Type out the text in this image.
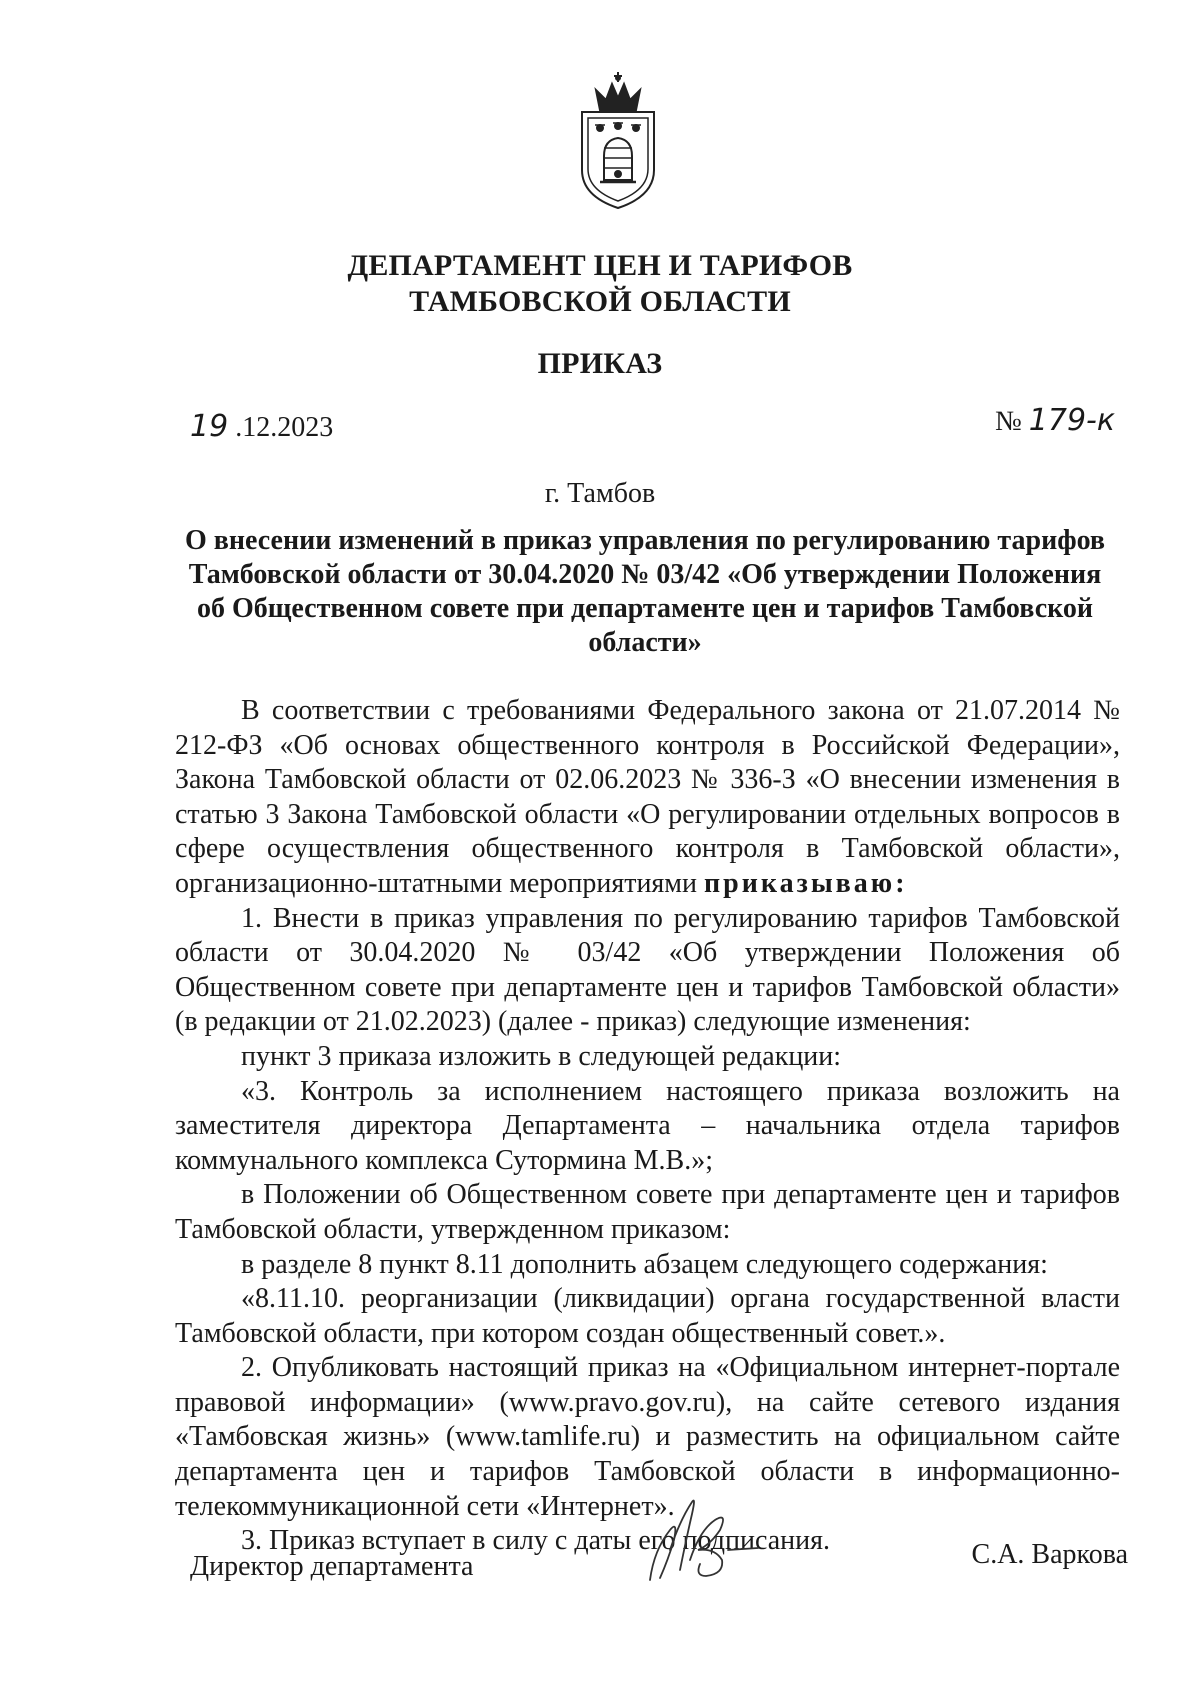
ДЕПАРТАМЕНТ ЦЕН И ТАРИФОВ
ТАМБОВСКОЙ ОБЛАСТИ
ПРИКАЗ
19 .12.2023	№ 179-к
г. Тамбов
О внесении изменений в приказ управления по регулированию тарифов Тамбовской области от 30.04.2020 № 03/42 «Об утверждении Положения об Общественном совете при департаменте цен и тарифов Тамбовской области»

В соответствии с требованиями Федерального закона от 21.07.2014 № 212-ФЗ «Об основах общественного контроля в Российской Федерации», Закона Тамбовской области от 02.06.2023 № 336-З «О внесении изменения в статью 3 Закона Тамбовской области «О регулировании отдельных вопросов в сфере осуществления общественного контроля в Тамбовской области», организационно-штатными мероприятиями приказываю:

1. Внести в приказ управления по регулированию тарифов Тамбовской области от 30.04.2020 № 03/42 «Об утверждении Положения об Общественном совете при департаменте цен и тарифов Тамбовской области» (в редакции от 21.02.2023) (далее - приказ) следующие изменения:

пункт 3 приказа изложить в следующей редакции:

«3. Контроль за исполнением настоящего приказа возложить на заместителя директора Департамента – начальника отдела тарифов коммунального комплекса Сутормина М.В.»;

в Положении об Общественном совете при департаменте цен и тарифов Тамбовской области, утвержденном приказом:

в разделе 8 пункт 8.11 дополнить абзацем следующего содержания:

«8.11.10. реорганизации (ликвидации) органа государственной власти Тамбовской области, при котором создан общественный совет.».

2. Опубликовать настоящий приказ на «Официальном интернет-портале правовой информации» (www.pravo.gov.ru), на сайте сетевого издания «Тамбовская жизнь» (www.tamlife.ru) и разместить на официальном сайте департамента цен и тарифов Тамбовской области в информационно-телекоммуникационной сети «Интернет».

3. Приказ вступает в силу с даты его подписания.

Директор департамента	С.А. Варкова
